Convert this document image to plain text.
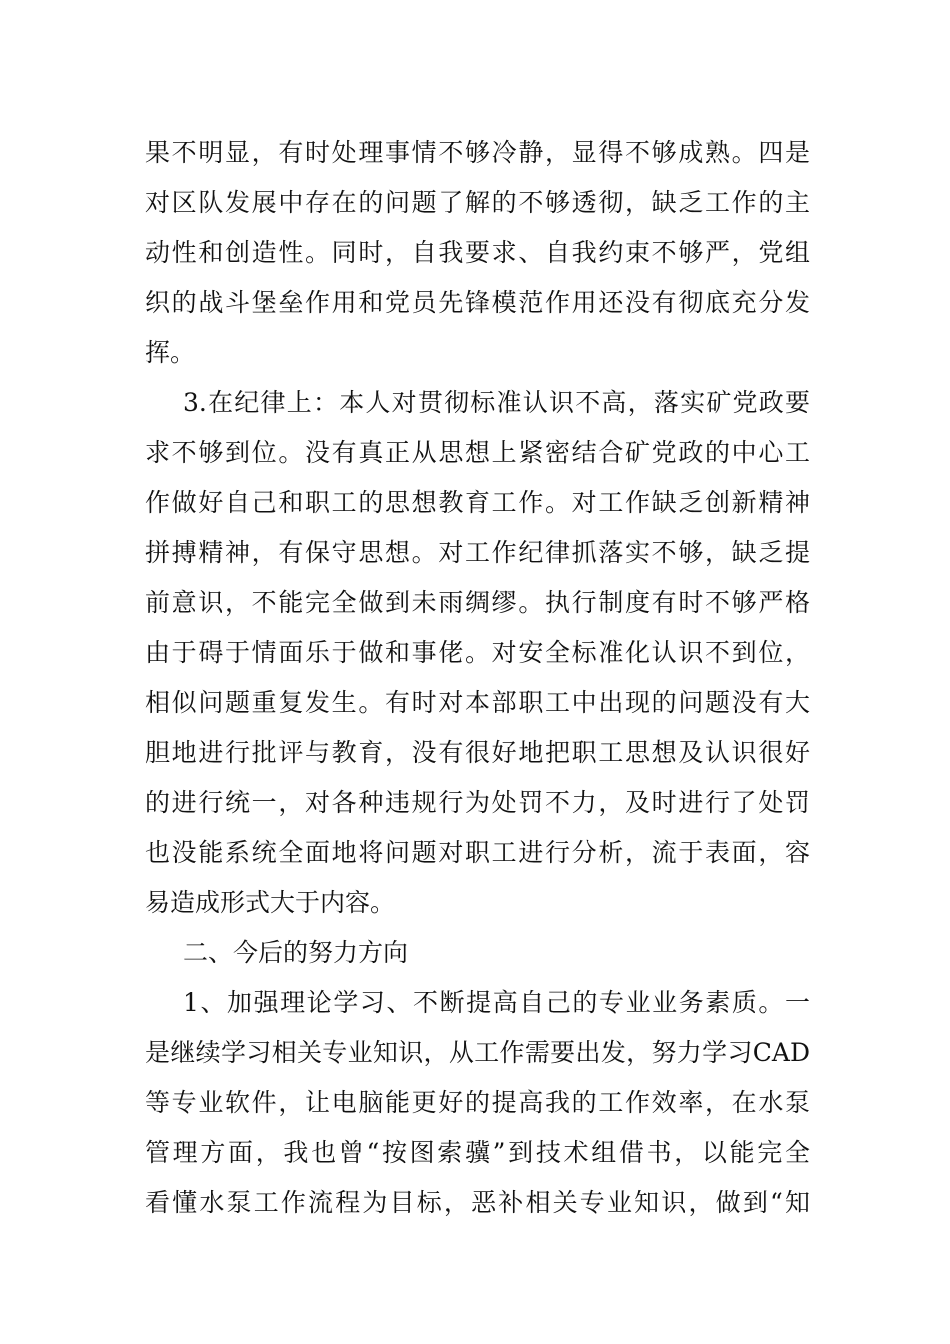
果不明显，有时处理事情不够冷静，显得不够成熟。四是
对区队发展中存在的问题了解的不够透彻，缺乏工作的主
动性和创造性。同时，自我要求、自我约束不够严，党组
织的战斗堡垒作用和党员先锋模范作用还没有彻底充分发
挥。
3.在纪律上：本人对贯彻标准认识不高，落实矿党政要
求不够到位。没有真正从思想上紧密结合矿党政的中心工
作做好自己和职工的思想教育工作。对工作缺乏创新精神
拼搏精神，有保守思想。对工作纪律抓落实不够，缺乏提
前意识，不能完全做到未雨绸缪。执行制度有时不够严格
由于碍于情面乐于做和事佬。对安全标准化认识不到位，
相似问题重复发生。有时对本部职工中出现的问题没有大
胆地进行批评与教育，没有很好地把职工思想及认识很好
的进行统一，对各种违规行为处罚不力，及时进行了处罚
也没能系统全面地将问题对职工进行分析，流于表面，容
易造成形式大于内容。
二、今后的努力方向
1、加强理论学习、不断提高自己的专业业务素质。一
是继续学习相关专业知识，从工作需要出发，努力学习CAD
等专业软件，让电脑能更好的提高我的工作效率，在水泵
管理方面，我也曾“按图索骥”到技术组借书，以能完全
看懂水泵工作流程为目标，恶补相关专业知识，做到“知
